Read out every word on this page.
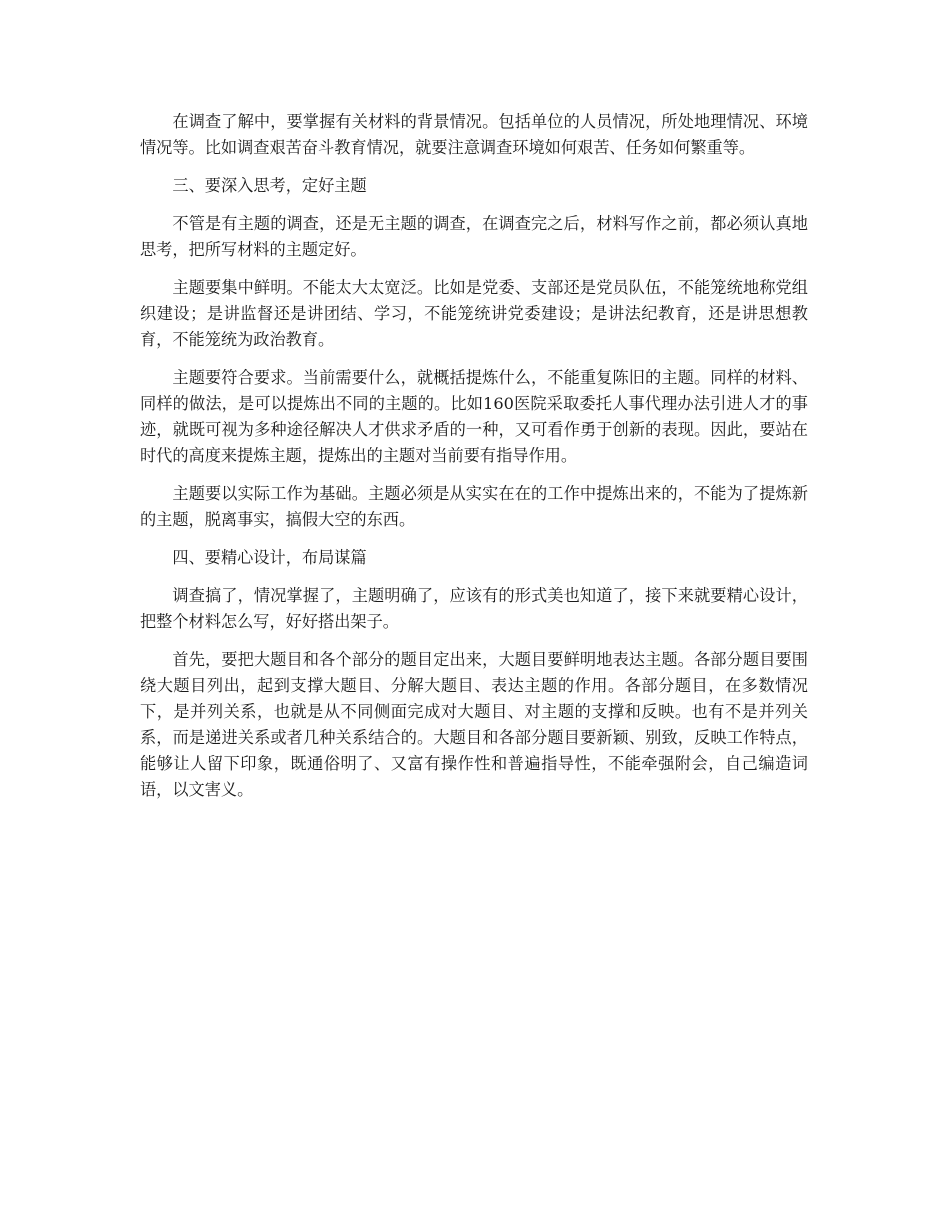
在调查了解中，要掌握有关材料的背景情况。包括单位的人员情况，所处地理情况、环境情况等。比如调查艰苦奋斗教育情况，就要注意调查环境如何艰苦、任务如何繁重等。

三、要深入思考，定好主题

不管是有主题的调查，还是无主题的调查，在调查完之后，材料写作之前，都必须认真地思考，把所写材料的主题定好。

主题要集中鲜明。不能太大太宽泛。比如是党委、支部还是党员队伍，不能笼统地称党组织建设；是讲监督还是讲团结、学习，不能笼统讲党委建设；是讲法纪教育，还是讲思想教育，不能笼统为政治教育。

主题要符合要求。当前需要什么，就概括提炼什么，不能重复陈旧的主题。同样的材料、同样的做法，是可以提炼出不同的主题的。比如160医院采取委托人事代理办法引进人才的事迹，就既可视为多种途径解决人才供求矛盾的一种，又可看作勇于创新的表现。因此，要站在时代的高度来提炼主题，提炼出的主题对当前要有指导作用。

主题要以实际工作为基础。主题必须是从实实在在的工作中提炼出来的，不能为了提炼新的主题，脱离事实，搞假大空的东西。

四、要精心设计，布局谋篇

调查搞了，情况掌握了，主题明确了，应该有的形式美也知道了，接下来就要精心设计，把整个材料怎么写，好好搭出架子。

首先，要把大题目和各个部分的题目定出来，大题目要鲜明地表达主题。各部分题目要围绕大题目列出，起到支撑大题目、分解大题目、表达主题的作用。各部分题目，在多数情况下，是并列关系，也就是从不同侧面完成对大题目、对主题的支撑和反映。也有不是并列关系，而是递进关系或者几种关系结合的。大题目和各部分题目要新颖、别致，反映工作特点，能够让人留下印象，既通俗明了、又富有操作性和普遍指导性，不能牵强附会，自己编造词语，以文害义。
